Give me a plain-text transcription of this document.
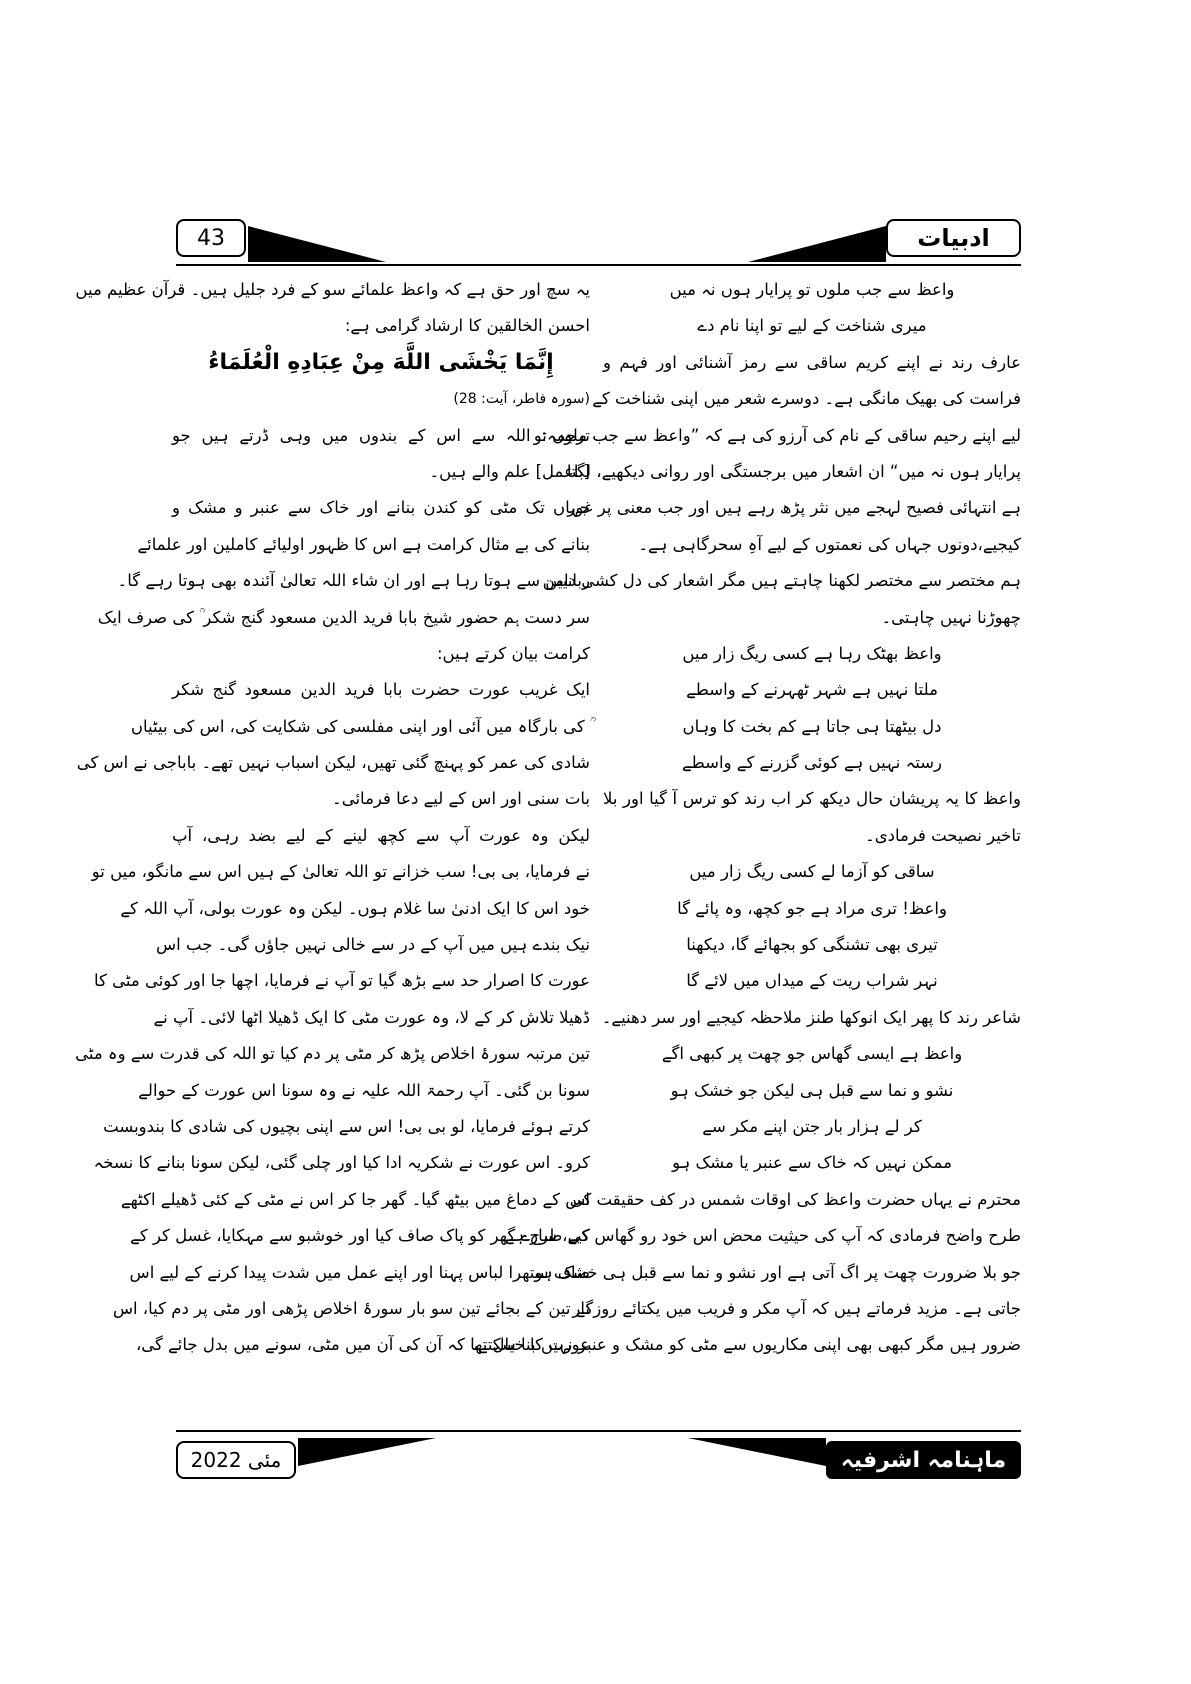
43	ادبیات
واعظ سے جب ملوں تو پرایار ہوں نہ میں
میری شناخت کے لیے تو اپنا نام دے
عارف رند نے اپنے کریم ساقی سے رمز آشنائی اور فہم و
فراست کی بھیک مانگی ہے۔ دوسرے شعر میں اپنی شناخت کے
لیے اپنے رحیم ساقی کے نام کی آرزو کی ہے کہ ”واعظ سے جب ملوں تو
پرایار ہوں نہ میں“ ان اشعار میں برجستگی اور روانی دیکھیے، لگتا
ہے انتہائی فصیح لہجے میں نثر پڑھ رہے ہیں اور جب معنی پر غور
کیجیے،دونوں جہاں کی نعمتوں کے لیے آہِ سحرگاہی ہے۔
ہم مختصر سے مختصر لکھنا چاہتے ہیں مگر اشعار کی دل کشی دامن
چھوڑنا نہیں چاہتی۔
واعظ بھٹک رہا ہے کسی ریگ زار میں
ملتا نہیں ہے شہر ٹھہرنے کے واسطے
دل بیٹھتا ہی جاتا ہے کم بخت کا وہاں
رستہ نہیں ہے کوئی گزرنے کے واسطے
واعظ کا یہ پریشان حال دیکھ کر اب رند کو ترس آ گیا اور بلا
تاخیر نصیحت فرمادی۔
ساقی کو آزما لے کسی ریگ زار میں
واعظ! تری مراد ہے جو کچھ، وہ پائے گا
تیری بھی تشنگی کو بجھائے گا، دیکھنا
نہر شراب ریت کے میداں میں لائے گا
شاعر رند کا پھر ایک انوکھا طنز ملاحظہ کیجیے اور سر دھنیے۔
واعظ ہے ایسی گھاس جو چھت پر کبھی اگے
نشو و نما سے قبل ہی لیکن جو خشک ہو
کر لے ہزار بار جتن اپنے مکر سے
ممکن نہیں کہ خاک سے عنبر یا مشک ہو
محترم نے یہاں حضرت واعظ کی اوقات شمس در کف حقیقت کی
طرح واضح فرمادی کہ آپ کی حیثیت محض اس خود رو گھاس کی طرح ہے
جو بلا ضرورت چھت پر اگ آتی ہے اور نشو و نما سے قبل ہی خشک ہو
جاتی ہے۔ مزید فرماتے ہیں کہ آپ مکر و فریب میں یکتائے روزگار
ضرور ہیں مگر کبھی بھی اپنی مکاریوں سے مٹی کو مشک و عنبر نہیں بنا سکتے،
یہ سچ اور حق ہے کہ واعظ علمائے سو کے فرد جلیل ہیں۔ قرآن عظیم میں
احسن الخالقین کا ارشاد گرامی ہے:
إِنَّمَا يَخْشَى اللَّهَ مِنْ عِبَادِهِ الْعُلَمَاءُ
(سورہ فاطر، آیت: 28)
ترجمہ: اللہ سے اس کے بندوں میں وہی ڈرتے ہیں جو
[باعمل] علم والے ہیں۔
جہاں تک مٹی کو کندن بنانے اور خاک سے عنبر و مشک و
بنانے کی بے مثال کرامت ہے اس کا ظہور اولیائے کاملین اور علمائے
ربانیین سے ہوتا رہا ہے اور ان شاء اللہ تعالیٰ آئندہ بھی ہوتا رہے گا۔
سر دست ہم حضور شیخ بابا فرید الدین مسعود گنج شکر ؒ کی صرف ایک
کرامت بیان کرتے ہیں:
ایک غریب عورت حضرت بابا فرید الدین مسعود گنج شکر
ؒ کی بارگاہ میں آئی اور اپنی مفلسی کی شکایت کی، اس کی بیٹیاں
شادی کی عمر کو پہنچ گئی تھیں، لیکن اسباب نہیں تھے۔ باباجی نے اس کی
بات سنی اور اس کے لیے دعا فرمائی۔
لیکن وہ عورت آپ سے کچھ لینے کے لیے بضد رہی، آپ
نے فرمایا، بی بی! سب خزانے تو اللہ تعالیٰ کے ہیں اس سے مانگو، میں تو
خود اس کا ایک ادنیٰ سا غلام ہوں۔ لیکن وہ عورت بولی، آپ اللہ کے
نیک بندے ہیں میں آپ کے در سے خالی نہیں جاؤں گی۔ جب اس
عورت کا اصرار حد سے بڑھ گیا تو آپ نے فرمایا، اچھا جا اور کوئی مٹی کا
ڈھیلا تلاش کر کے لا، وہ عورت مٹی کا ایک ڈھیلا اٹھا لائی۔ آپ نے
تین مرتبہ سورۂ اخلاص پڑھ کر مٹی پر دم کیا تو اللہ کی قدرت سے وہ مٹی
سونا بن گئی۔ آپ رحمۃ اللہ علیہ نے وہ سونا اس عورت کے حوالے
کرتے ہوئے فرمایا، لو بی بی! اس سے اپنی بچیوں کی شادی کا بندوبست
کرو۔ اس عورت نے شکریہ ادا کیا اور چلی گئی، لیکن سونا بنانے کا نسخہ
اس کے دماغ میں بیٹھ گیا۔ گھر جا کر اس نے مٹی کے کئی ڈھیلے اکٹھے
کیے، سارے گھر کو پاک صاف کیا اور خوشبو سے مہکایا، غسل کر کے
صاف ستھرا لباس پہنا اور اپنے عمل میں شدت پیدا کرنے کے لیے اس
نے تین کے بجائے تین سو بار سورۂ اخلاص پڑھی اور مٹی پر دم کیا، اس
عورت کا خیال تھا کہ آن کی آن میں مٹی، سونے میں بدل جائے گی،
مئی 2022	ماہنامہ اشرفیہ
